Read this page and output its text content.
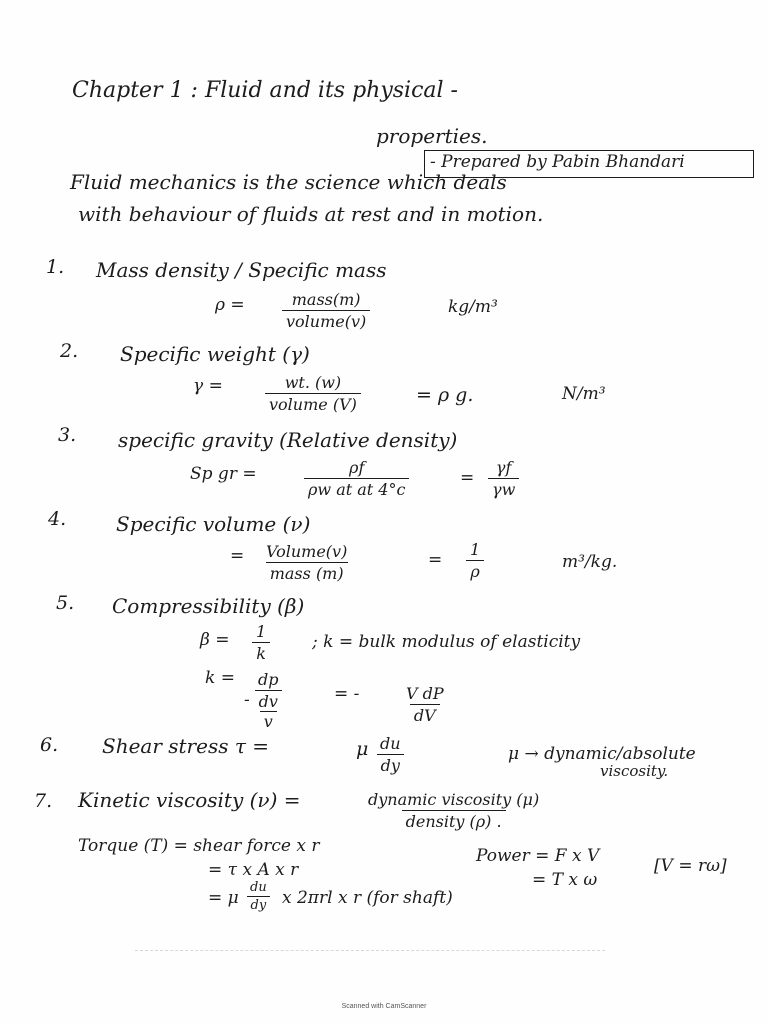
Chapter 1 : Fluid and its physical -
properties.
- Prepared by Pabin Bhandari
Fluid mechanics is the science which deals
with behaviour of fluids at rest and in motion.
1. Mass density / Specific mass
ρ =	mass(m)
volume(v)
kg/m³
2. Specific weight (γ)
γ =	wt. (w)
volume (V)	= ρ g.	N/m³
3. specific gravity (Relative density)
Sp gr =	$\frac{\rho f}{\text{ρw at at 4°c}}$	= $\frac{\gamma f}{\gamma w}$
4. Specific volume (ν)
= Volume(v)
mass (m)
= $\frac{1}{\rho}$	m³/kg.
5. Compressibility (β)
$\beta = \frac{1}{k}$ ; k = bulk modulus of elasticity
k =
- dp
dv
v	= -	$\frac{\text{V dP}}{dV}$
6. Shear stress τ =	μ $\frac{du}{dy}$	μ → dynamic/absolute
viscosity.
7. Kinetic viscosity (ν) =	dynamic viscosity (μ)
density (ρ) .
Torque (T) = shear force x r
= τ x A x r
= μ $\frac{du}{dy}$ x 2πrl x r (for shaft)
Power = F x V
= T x ω
[V = rω]
Scanned with CamScanner
